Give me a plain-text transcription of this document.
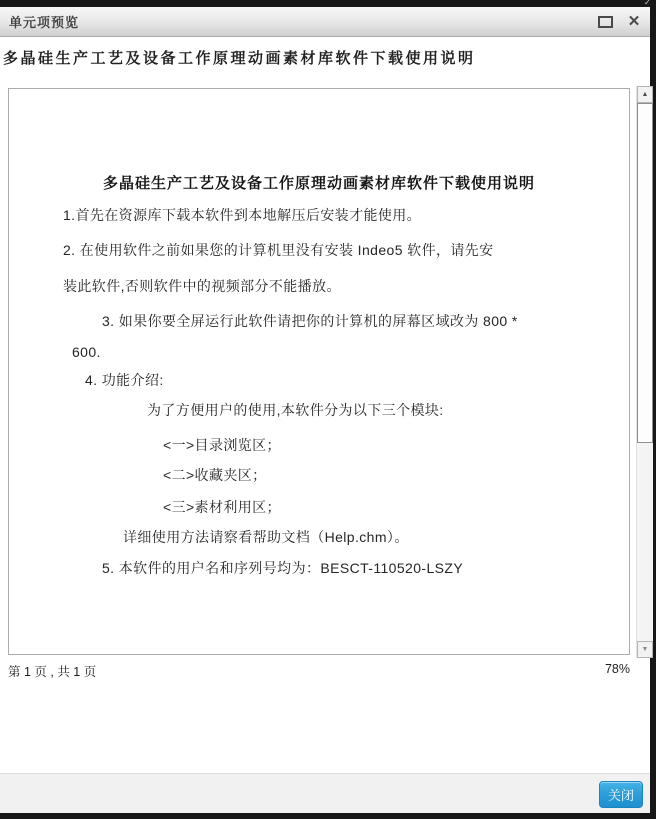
✓
单元项预览	✕
多晶硅生产工艺及设备工作原理动画素材库软件下载使用说明
多晶硅生产工艺及设备工作原理动画素材库软件下载使用说明
1.首先在资源库下载本软件到本地解压后安装才能使用。
2. 在使用软件之前如果您的计算机里没有安装 Indeo5 软件，请先安
装此软件,否则软件中的视频部分不能播放。
3. 如果你要全屏运行此软件请把你的计算机的屏幕区域改为 800 *
600.
4. 功能介绍:
为了方便用户的使用,本软件分为以下三个模块:
<一>目录浏览区；
<二>收藏夹区；
<三>素材利用区；
详细使用方法请察看帮助文档（Help.chm）。
5. 本软件的用户名和序列号均为：BESCT-110520-LSZY
▲
▼
第 1 页 , 共 1 页	78%
关闭
